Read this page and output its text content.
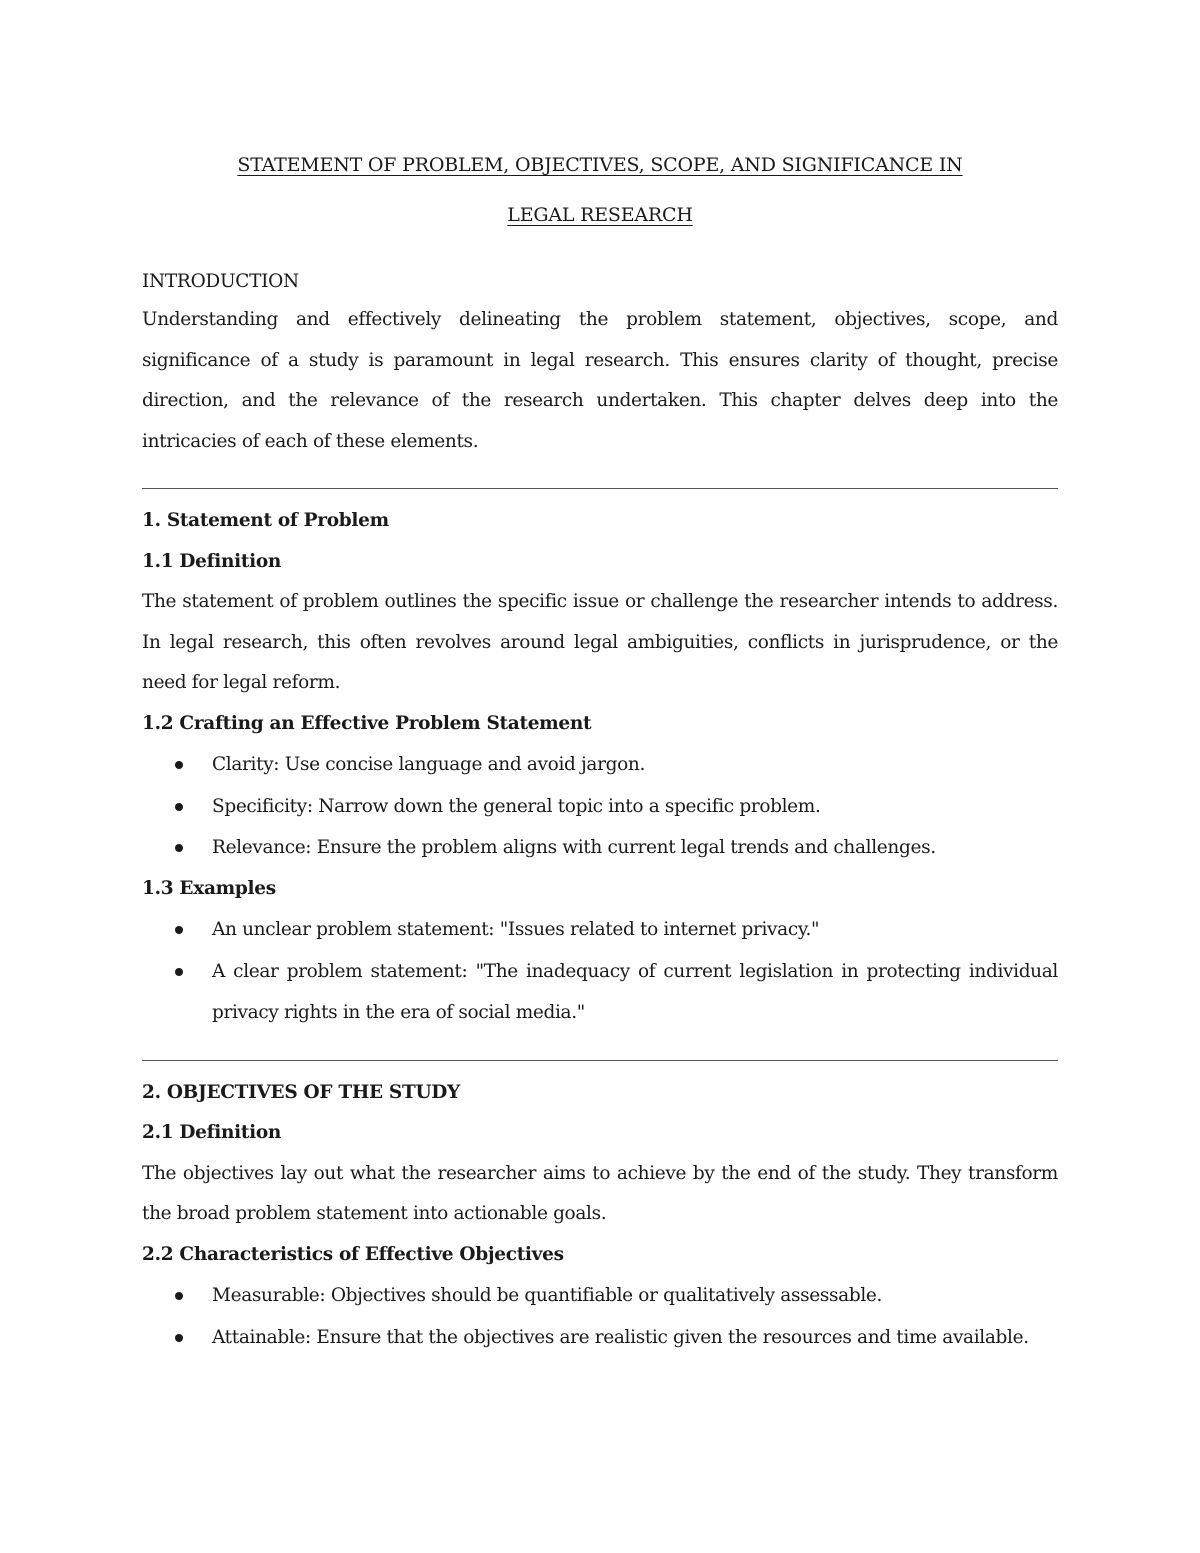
STATEMENT OF PROBLEM, OBJECTIVES, SCOPE, AND SIGNIFICANCE IN
LEGAL RESEARCH
INTRODUCTION

Understanding and effectively delineating the problem statement, objectives, scope, and significance of a study is paramount in legal research. This ensures clarity of thought, precise direction, and the relevance of the research undertaken. This chapter delves deep into the intricacies of each of these elements.

1. Statement of Problem
1.1 Definition

The statement of problem outlines the specific issue or challenge the researcher intends to address. In legal research, this often revolves around legal ambiguities, conflicts in jurisprudence, or the need for legal reform.

1.2 Crafting an Effective Problem Statement
Clarity: Use concise language and avoid jargon.
Specificity: Narrow down the general topic into a specific problem.
Relevance: Ensure the problem aligns with current legal trends and challenges.
1.3 Examples
An unclear problem statement: "Issues related to internet privacy."
A clear problem statement: "The inadequacy of current legislation in protecting individual privacy rights in the era of social media."
2. OBJECTIVES OF THE STUDY
2.1 Definition

The objectives lay out what the researcher aims to achieve by the end of the study. They transform the broad problem statement into actionable goals.

2.2 Characteristics of Effective Objectives
Measurable: Objectives should be quantifiable or qualitatively assessable.
Attainable: Ensure that the objectives are realistic given the resources and time available.
